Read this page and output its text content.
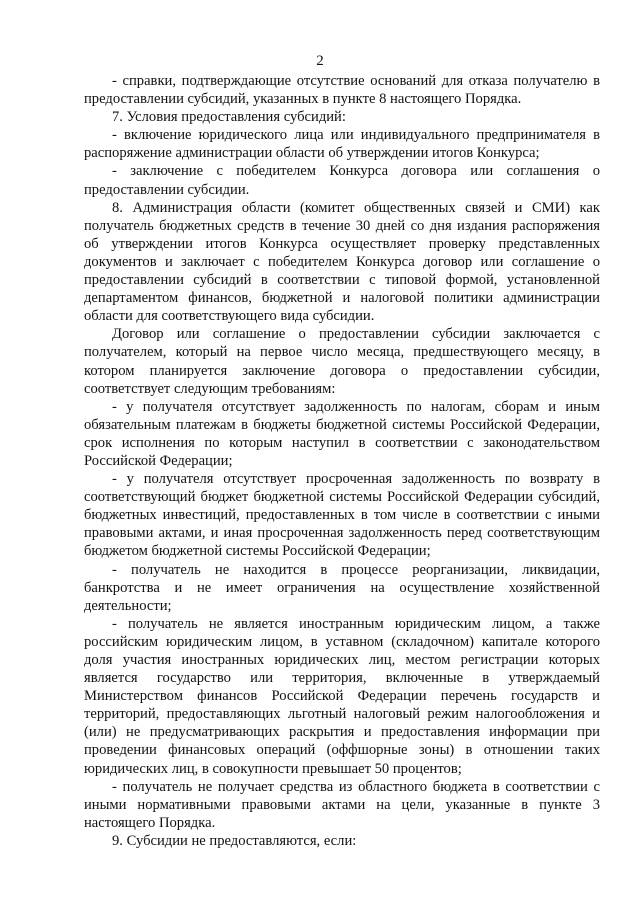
2

- справки, подтверждающие отсутствие оснований для отказа получателю в предоставлении субсидий, указанных в пункте 8 настоящего Порядка.

7. Условия предоставления субсидий:

- включение юридического лица или индивидуального предпринимателя в распоряжение администрации области об утверждении итогов Конкурса;

- заключение с победителем Конкурса договора или соглашения о предоставлении субсидии.

8. Администрация области (комитет общественных связей и СМИ) как получатель бюджетных средств в течение 30 дней со дня издания распоряжения об утверждении итогов Конкурса осуществляет проверку представленных документов и заключает с победителем Конкурса договор или соглашение о предоставлении субсидий в соответствии с типовой формой, установленной департаментом финансов, бюджетной и налоговой политики администрации области для соответствующего вида субсидии.

Договор или соглашение о предоставлении субсидии заключается с получателем, который на первое число месяца, предшествующего месяцу, в котором планируется заключение договора о предоставлении субсидии, соответствует следующим требованиям:

- у получателя отсутствует задолженность по налогам, сборам и иным обязательным платежам в бюджеты бюджетной системы Российской Федерации, срок исполнения по которым наступил в соответствии с законодательством Российской Федерации;

- у получателя отсутствует просроченная задолженность по возврату в соответствующий бюджет бюджетной системы Российской Федерации субсидий, бюджетных инвестиций, предоставленных в том числе в соответствии с иными правовыми актами, и иная просроченная задолженность перед соответствующим бюджетом бюджетной системы Российской Федерации;

- получатель не находится в процессе реорганизации, ликвидации, банкротства и не имеет ограничения на осуществление хозяйственной деятельности;

- получатель не является иностранным юридическим лицом, а также российским юридическим лицом, в уставном (складочном) капитале которого доля участия иностранных юридических лиц, местом регистрации которых является государство или территория, включенные в утверждаемый Министерством финансов Российской Федерации перечень государств и территорий, предоставляющих льготный налоговый режим налогообложения и (или) не предусматривающих раскрытия и предоставления информации при проведении финансовых операций (оффшорные зоны) в отношении таких юридических лиц, в совокупности превышает 50 процентов;

- получатель не получает средства из областного бюджета в соответствии с иными нормативными правовыми актами на цели, указанные в пункте 3 настоящего Порядка.

9. Субсидии не предоставляются, если:
